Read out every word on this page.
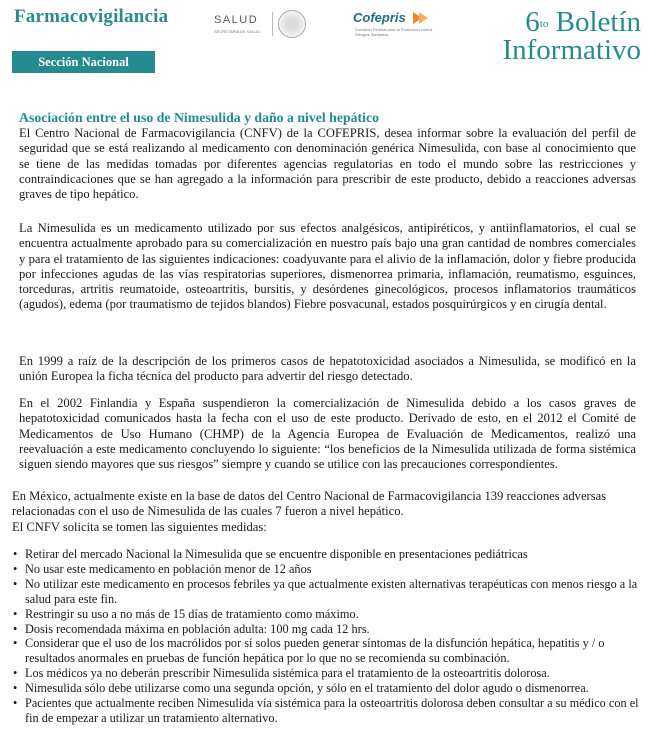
Farmacovigilancia
Sección Nacional
SALUD
SECRETARÍA DE SALUD
Cofepris
Comisión Federal para la Protección contra Riesgos Sanitarios	$6^{to}$ Boletín
Informativo
Asociación entre el uso de Nimesulida y daño a nivel hepático

El Centro Nacional de Farmacovigilancia (CNFV) de la COFEPRIS, desea informar sobre la evaluación del perfil de seguridad que se está realizando al medicamento con denominación genérica Nimesulida, con base al conocimiento que se tiene de las medidas tomadas por diferentes agencias regulatorias en todo el mundo sobre las restricciones y contraindicaciones que se han agregado a la información para prescribir de este producto, debido a reacciones adversas graves de tipo hepático.

La Nimesulida es un medicamento utilizado por sus efectos analgésicos, antipiréticos, y antiinflamatorios, el cual se encuentra actualmente aprobado para su comercialización en nuestro país bajo una gran cantidad de nombres comerciales y para el tratamiento de las siguientes indicaciones: coadyuvante para el alivio de la inflamación, dolor y fiebre producida por infecciones agudas de las vías respiratorias superiores, dismenorrea primaria, inflamación, reumatismo, esguinces, torceduras, artritis reumatoide, osteoartritis, bursitis, y desórdenes ginecológicos, procesos inflamatorios traumáticos (agudos), edema (por traumatismo de tejidos blandos) Fiebre posvacunal, estados posquirúrgicos y en cirugía dental.

En 1999 a raíz de la descripción de los primeros casos de hepatotoxicidad asociados a Nimesulida, se modificó en la unión Europea la ficha técnica del producto para advertir del riesgo detectado.

En el 2002 Finlandia y España suspendieron la comercialización de Nimesulida debido a los casos graves de hepatotoxicidad comunicados hasta la fecha con el uso de este producto. Derivado de esto, en el 2012 el Comité de Medicamentos de Uso Humano (CHMP) de la Agencia Europea de Evaluación de Medicamentos, realizó una reevaluación a este medicamento concluyendo lo siguiente: “los beneficios de la Nimesulida utilizada de forma sistémica siguen siendo mayores que sus riesgos” siempre y cuando se utilice con las precauciones correspondientes.

En México, actualmente existe en la base de datos del Centro Nacional de Farmacovigilancia 139 reacciones adversas relacionadas con el uso de Nimesulida de las cuales 7 fueron a nivel hepático.

El CNFV solicita se tomen las siguientes medidas:

• Retirar del mercado Nacional la Nimesulida que se encuentre disponible en presentaciones pediátricas
• No usar este medicamento en población menor de 12 años
• No utilizar este medicamento en procesos febriles ya que actualmente existen alternativas terapéuticas con menos riesgo a la salud para este fin.
• Restringir su uso a no más de 15 días de tratamiento como máximo.
• Dosis recomendada máxima en población adulta: 100 mg cada 12 hrs.
• Considerar que el uso de los macrólidos por sí solos pueden generar síntomas de la disfunción hepática, hepatitis y / o resultados anormales en pruebas de función hepática por lo que no se recomienda su combinación.
• Los médicos ya no deberán prescribir Nimesulida sistémica para el tratamiento de la osteoartritis dolorosa.
• Nimesulida sólo debe utilizarse como una segunda opción, y sólo en el tratamiento del dolor agudo o dismenorrea.
• Pacientes que actualmente reciben Nimesulida vía sistémica para la osteoartritis dolorosa deben consultar a su médico con el fin de empezar a utilizar un tratamiento alternativo.
